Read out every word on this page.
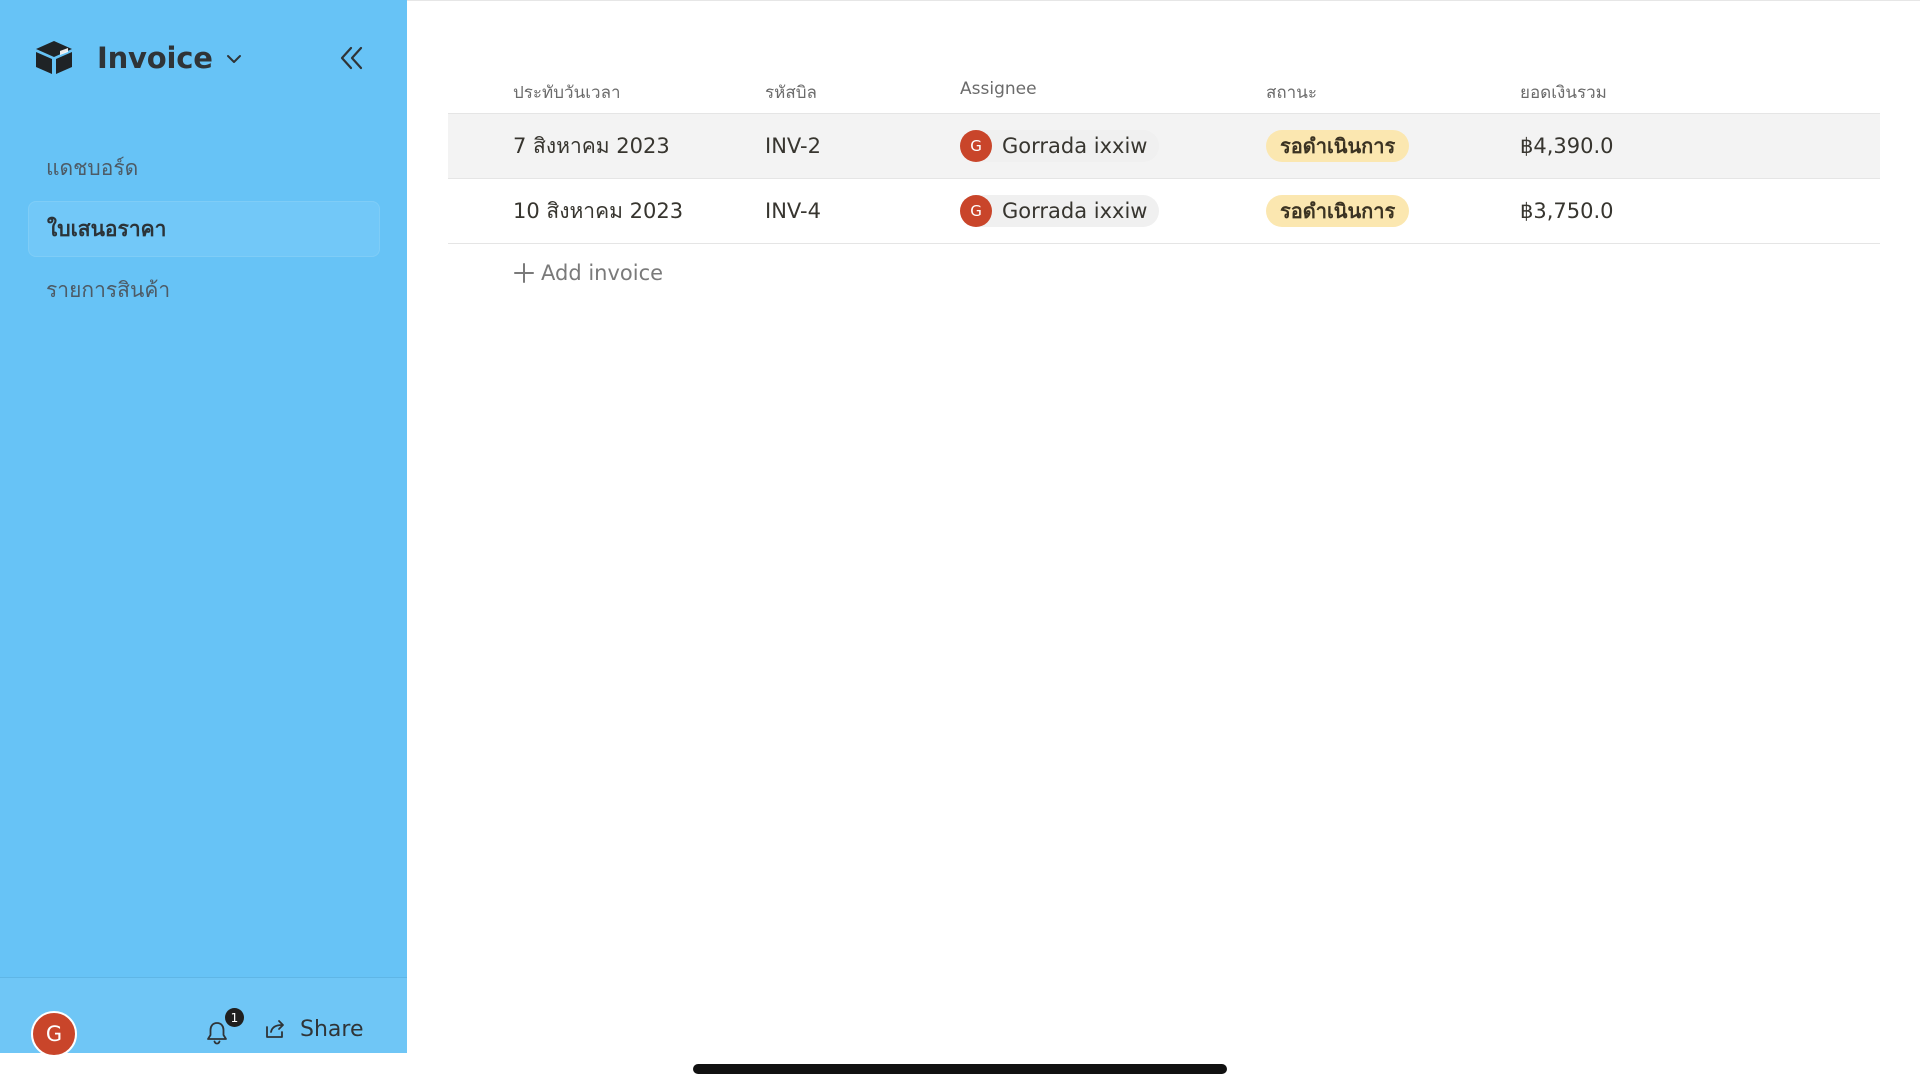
Invoice
แดชบอร์ด
ใบเสนอราคา
รายการสินค้า
G
1	Share
ประทับวันเวลา	รหัสบิล	Assignee	สถานะ	ยอดเงินรวม
7 สิงหาคม 2023	INV-2	G Gorrada ixxiw	รอดำเนินการ	฿4,390.0
10 สิงหาคม 2023	INV-4	G Gorrada ixxiw	รอดำเนินการ	฿3,750.0
Add invoice
